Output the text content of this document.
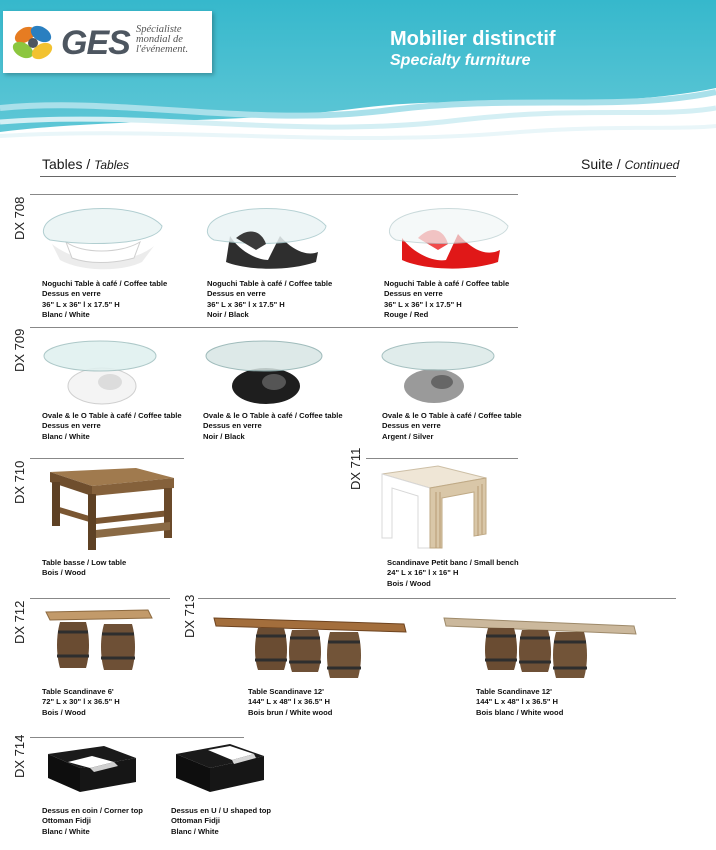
GES Spécialiste
mondial de
l'événement.	Mobilier distinctif
Specialty furniture
Tables / Tables	Suite / Continued
DX 708
DX 709
DX 710	DX 711
DX 712	DX 713
DX 714
Noguchi Table à café / Coffee table
Dessus en verre
36" L x 36" l x 17.5" H
Blanc / White
Noguchi Table à café / Coffee table
Dessus en verre
36" L x 36" l x 17.5" H
Noir / Black
Noguchi Table à café / Coffee table
Dessus en verre
36" L x 36" l x 17.5" H
Rouge / Red
Ovale & le O Table à café / Coffee table
Dessus en verre
Blanc / White
Ovale & le O Table à café / Coffee table
Dessus en verre
Noir / Black
Ovale & le O Table à café / Coffee table
Dessus en verre
Argent / Silver
Table basse / Low table
Bois / Wood
Scandinave Petit banc / Small bench
24" L x 16" l x 16" H
Bois / Wood
Table Scandinave 6'
72" L x 30" l x 36.5" H
Bois / Wood
Table Scandinave 12'
144" L x 48" l x 36.5" H
Bois brun / White wood
Table Scandinave 12'
144" L x 48" l x 36.5" H
Bois blanc / White wood
Dessus en coin / Corner top
Ottoman Fidji
Blanc / White
Dessus en U / U shaped top
Ottoman Fidji
Blanc / White
